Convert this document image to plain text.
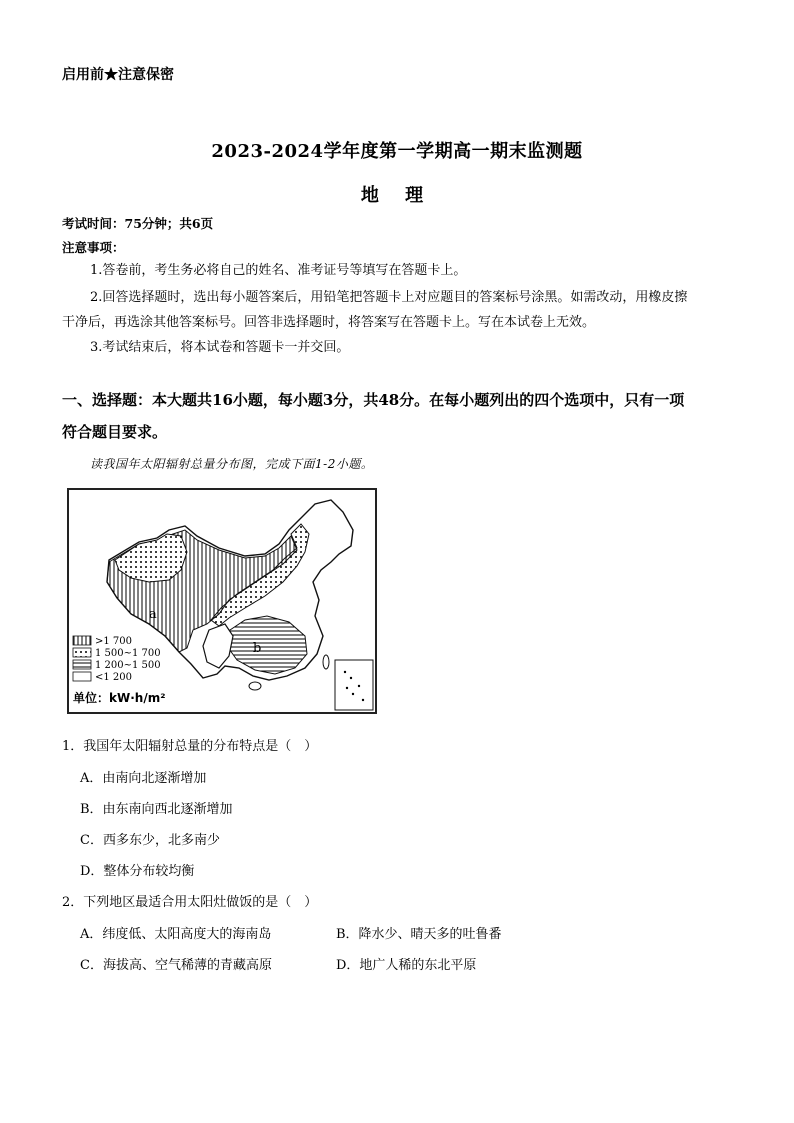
启用前★注意保密
2023-2024学年度第一学期高一期末监测题
地 理
考试时间：75分钟；共6页
注意事项：
1.答卷前，考生务必将自己的姓名、准考证号等填写在答题卡上。
2.回答选择题时，选出每小题答案后，用铅笔把答题卡上对应题目的答案标号涂黑。如需改动，用橡皮擦
干净后，再选涂其他答案标号。回答非选择题时，将答案写在答题卡上。写在本试卷上无效。
3.考试结束后，将本试卷和答题卡一并交回。
一、选择题：本大题共16小题，每小题3分，共48分。在每小题列出的四个选项中，只有一项
符合题目要求。
读我国年太阳辐射总量分布图，完成下面1-2小题。
a
b
>1 700
1 500~1 700
1 200~1 500
<1 200
单位：kW·h/m²
1．我国年太阳辐射总量的分布特点是（　）
A．由南向北逐渐增加
B．由东南向西北逐渐增加
C．西多东少，北多南少
D．整体分布较均衡
2．下列地区最适合用太阳灶做饭的是（　）
A．纬度低、太阳高度大的海南岛	B．降水少、晴天多的吐鲁番
C．海拔高、空气稀薄的青藏高原	D．地广人稀的东北平原
